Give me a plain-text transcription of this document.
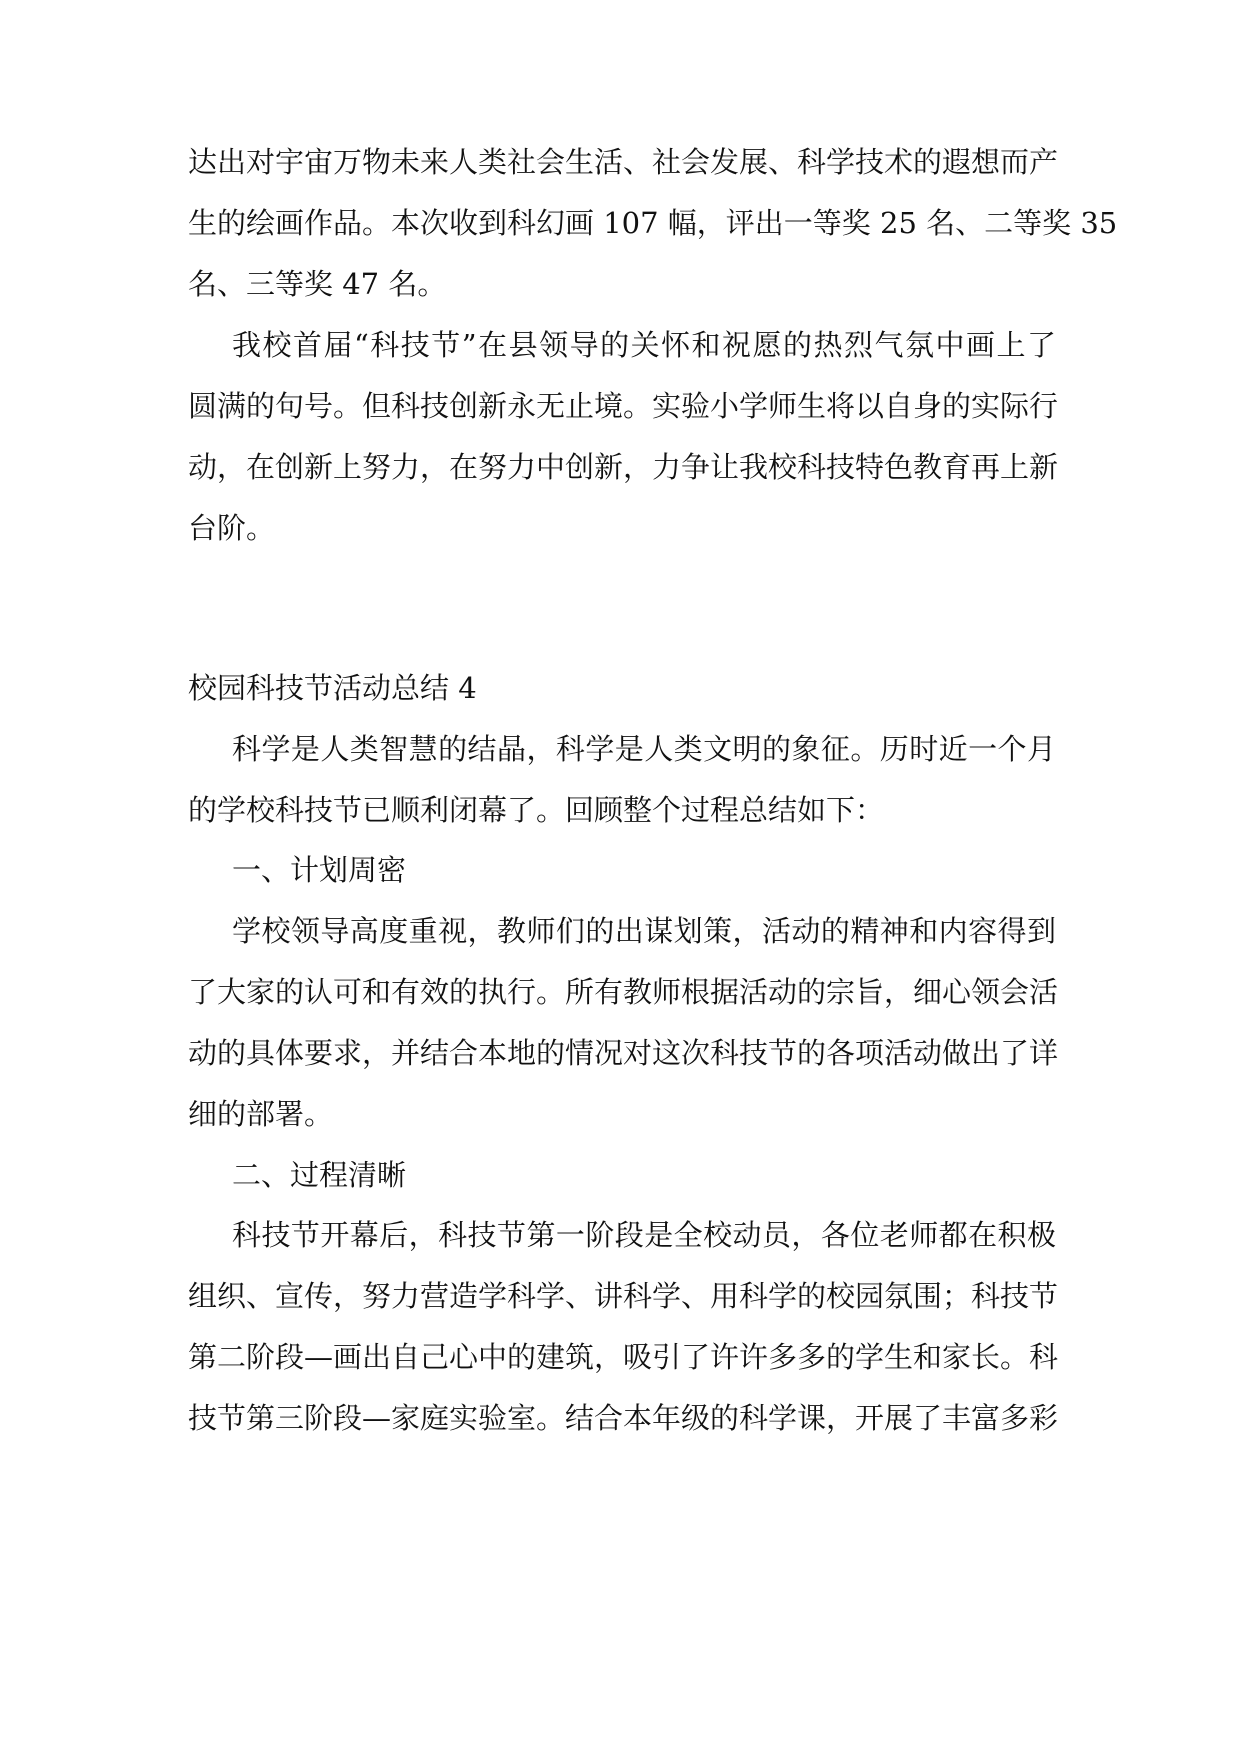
达出对宇宙万物未来人类社会生活、社会发展、科学技术的遐想而产

生的绘画作品。本次收到科幻画 107 幅，评出一等奖 25 名、二等奖 35

名、三等奖 47 名。

我校首届“科技节”在县领导的关怀和祝愿的热烈气氛中画上了

圆满的句号。但科技创新永无止境。实验小学师生将以自身的实际行

动，在创新上努力，在努力中创新，力争让我校科技特色教育再上新

台阶。

校园科技节活动总结 4

科学是人类智慧的结晶，科学是人类文明的象征。历时近一个月

的学校科技节已顺利闭幕了。回顾整个过程总结如下：

一、计划周密

学校领导高度重视，教师们的出谋划策，活动的精神和内容得到

了大家的认可和有效的执行。所有教师根据活动的宗旨，细心领会活

动的具体要求，并结合本地的情况对这次科技节的各项活动做出了详

细的部署。

二、过程清晰

科技节开幕后，科技节第一阶段是全校动员，各位老师都在积极

组织、宣传，努力营造学科学、讲科学、用科学的校园氛围；科技节

第二阶段—画出自己心中的建筑，吸引了许许多多的学生和家长。科

技节第三阶段—家庭实验室。结合本年级的科学课，开展了丰富多彩
